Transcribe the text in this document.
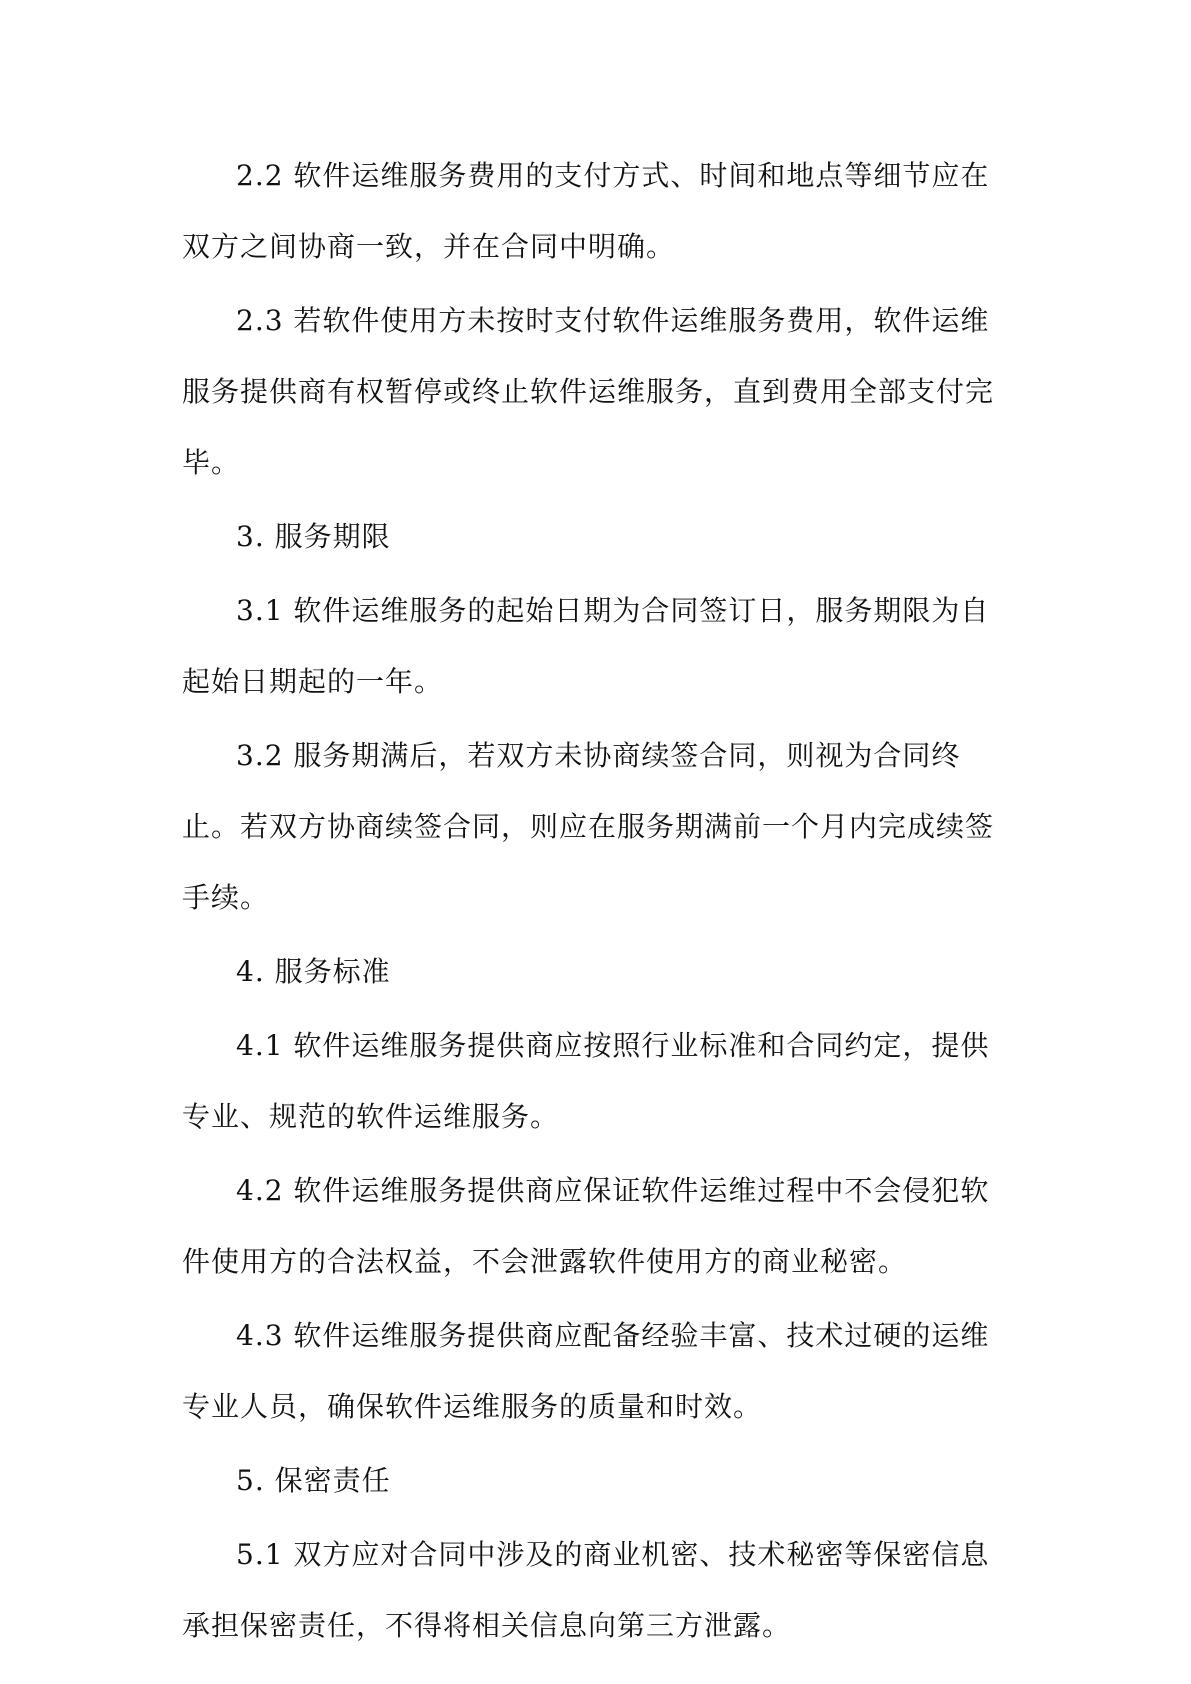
2.2 软件运维服务费用的支付方式、时间和地点等细节应在双方之间协商一致，并在合同中明确。

2.3 若软件使用方未按时支付软件运维服务费用，软件运维服务提供商有权暂停或终止软件运维服务，直到费用全部支付完毕。

3. 服务期限

3.1 软件运维服务的起始日期为合同签订日，服务期限为自起始日期起的一年。

3.2 服务期满后，若双方未协商续签合同，则视为合同终止。若双方协商续签合同，则应在服务期满前一个月内完成续签手续。

4. 服务标准

4.1 软件运维服务提供商应按照行业标准和合同约定，提供专业、规范的软件运维服务。

4.2 软件运维服务提供商应保证软件运维过程中不会侵犯软件使用方的合法权益，不会泄露软件使用方的商业秘密。

4.3 软件运维服务提供商应配备经验丰富、技术过硬的运维专业人员，确保软件运维服务的质量和时效。

5. 保密责任

5.1 双方应对合同中涉及的商业机密、技术秘密等保密信息承担保密责任，不得将相关信息向第三方泄露。
